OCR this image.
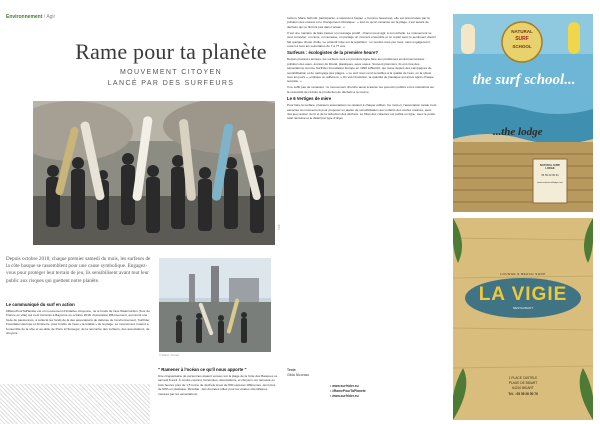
Environnement / Agir
Rame pour ta planète
MOUVEMENT CITOYEN
LANCÉ PAR DES SURFEURS
©DR
Depuis octobre 2018, chaque premier samedi du mois, les surfeurs de la côte basque se rassemblent pour une cause symbolique. Engagez-vous pour protéger leur terrain de jeu, ils sensibilisent avant tout leur public aux risques qui guettent notre planète.
© Rainer / Pexels
Le communiqué du surf en action

#RamePourTaPlanète est un mouvement d'initiative citoyenne, né le fondu de l'ass Watersurfers (Tour de France en ville) qui s'est transmis à Bayonne en octobre 2018. Association #Mouvement, qui réunit une foule de passionnés, a collecté les fonds de la des associations de défense de l'environnement, Surfrider Foundation Europe et Finisterre, pour fondre de l'eau « la totalité » de la plage. Le mouvement s'étend à l'ensemble de la côte et au-delà, de Porto à Hossegor, de la rencontre des surfeurs, des associations, de citoyens...

" Ramener à l'océan ce qu'il nous apporte "

Une cinquantaine de personnes étaient venues sur la plage de la Côte des Basques ce samedi 6 avril. À contre-courant, bénévoles, associations, et citoyens ont ramassé en trois heures près de 1,5 tonne de déchets issus de 830 espèces différentes, dont plus de 60% en plastique. Résultat : des données utiles pour les études scientifiques menées par les associations.

l'action, Marie Schmitt, participante, a répondu à l'appel. « Comme beaucoup, elle est préoccupée par la pollution des océans et le changement climatique : « tout ce qu'on ramasse sur la plage, c'est autant de déchets qui ne finiront pas dans l'océan. »

C'est une manière de faire passer un message positif : chacun peut agir, à son échelle. Le mouvement se veut convivial : on rame, on ramasse, on partage un moment ensemble et on repart avec le sentiment d'avoir fait quelque chose d'utile. Le collectif mise sur la répétition : un rendez-vous par mois, sans engagement, ouvert à tous les volontaires de 7 à 77 ans.

Surfeurs : écologistes de la première heure?

Depuis plusieurs années, les surfeurs sont en première ligne face aux problèmes environnementaux : pollution des eaux, érosion du littoral, plastiques, eaux usées. Souvent pionniers, ils ont créé des associations comme Surfrider Foundation Europe en 1990 à Biarritz, qui mène depuis des campagnes de sensibilisation et de nettoyage des plages. « Le surf nous rend sensibles à la qualité de l'eau, on la côtoie tous les jours », explique un adhérent. « On voit l'évolution, la quantité de plastique qui arrive après chaque tempête. »

Il ne suffit pas de ramasser : le mouvement cherche aussi à alerter les pouvoirs publics et les industriels sur la nécessité de réduire la production de déchets à la source.

Le 6 Vertiges de mère

Pour faire la surface, plusieurs associations se relaient à chaque édition. Ce mois-ci, l'association locale s'est associée au mouvement pour proposer un atelier de sensibilisation aux enfants des écoles voisines, avec des jeux autour du tri et de la réduction des déchets. Le bilan des collectes est publié en ligne, avec le poids total ramassé et le détail par type d'objet.

Texte
Gilda Nicoraso
• www.surfrider.eu
• #RamePourTaPlanete
• www.surfrider.eu
NATURAL
SURF
SCHOOL
the surf school...
...the lodge
NATURAL SURF LODGE
05 59 43 06 91
www.naturalsurflodge.com
LOUNGE & BEACH SHOP
LA VIGIE
RESTAURANT
1 PLACE CASTELE
PLAGE DE BIDART
64210 BIDART
Tél. : 05 59 26 50 79
